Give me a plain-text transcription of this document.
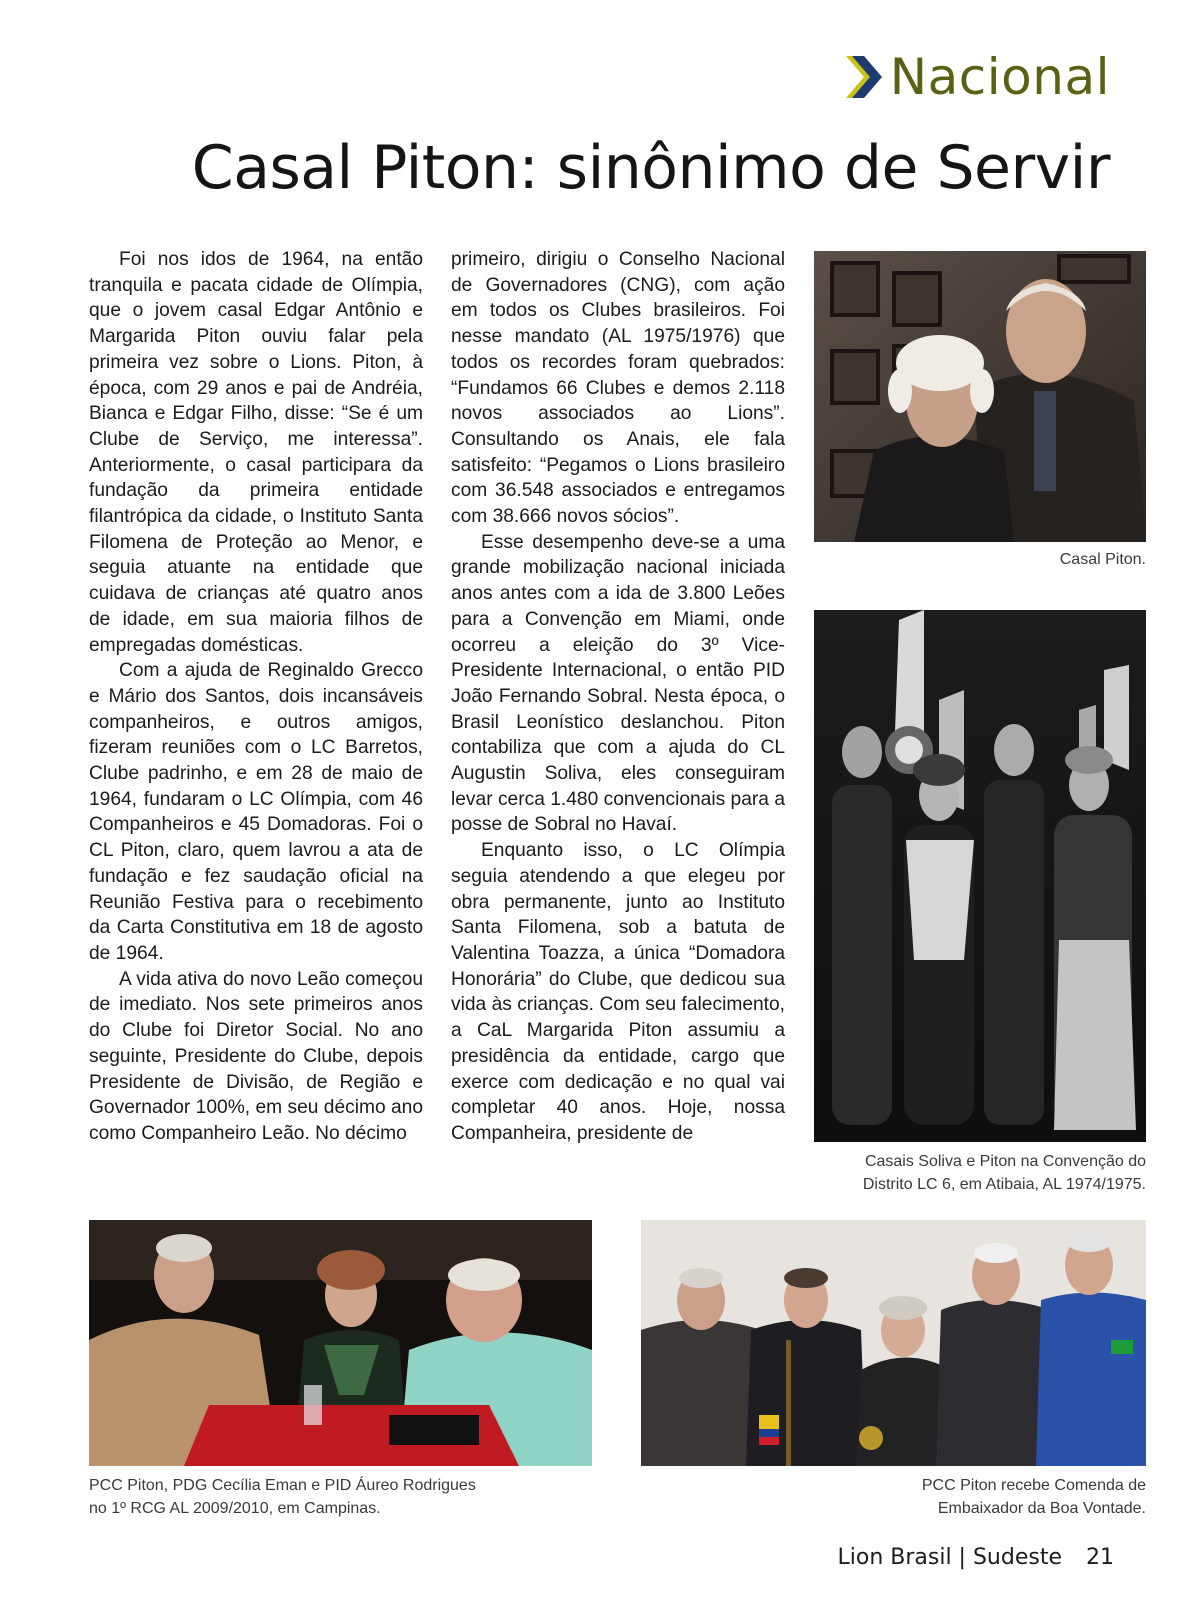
Nacional
Casal Piton: sinônimo de Servir

Foi nos idos de 1964, na então tranquila e pacata cidade de Olímpia, que o jovem casal Edgar Antônio e Margarida Piton ouviu falar pela primeira vez sobre o Lions. Piton, à época, com 29 anos e pai de Andréia, Bianca e Edgar Filho, disse: “Se é um Clube de Serviço, me interessa”. Anteriormente, o casal participara da fundação da primeira entidade filantrópica da cidade, o Instituto Santa Filomena de Proteção ao Menor, e seguia atuante na entidade que cuidava de crianças até quatro anos de idade, em sua maioria filhos de empregadas domésticas.

Com a ajuda de Reginaldo Grecco e Mário dos Santos, dois incansáveis companheiros, e outros amigos, fizeram reuniões com o LC Barretos, Clube padrinho, e em 28 de maio de 1964, fundaram o LC Olímpia, com 46 Companheiros e 45 Domadoras. Foi o CL Piton, claro, quem lavrou a ata de fundação e fez saudação oficial na Reunião Festiva para o recebimento da Carta Constitutiva em 18 de agosto de 1964.

A vida ativa do novo Leão começou de imediato. Nos sete primeiros anos do Clube foi Diretor Social. No ano seguinte, Presidente do Clube, depois Presidente de Divisão, de Região e Governador 100%, em seu décimo ano como Companheiro Leão. No décimo

primeiro, dirigiu o Conselho Nacional de Governadores (CNG), com ação em todos os Clubes brasileiros. Foi nesse mandato (AL 1975/1976) que todos os recordes foram quebrados: “Fundamos 66 Clubes e demos 2.118 novos associados ao Lions”. Consultando os Anais, ele fala satisfeito: “Pegamos o Lions brasileiro com 36.548 associados e entregamos com 38.666 novos sócios”.

Esse desempenho deve-se a uma grande mobilização nacional iniciada anos antes com a ida de 3.800 Leões para a Convenção em Miami, onde ocorreu a eleição do 3º Vice-Presidente Internacional, o então PID João Fernando Sobral. Nesta época, o Brasil Leonístico deslanchou. Piton contabiliza que com a ajuda do CL Augustin Soliva, eles conseguiram levar cerca 1.480 convencionais para a posse de Sobral no Havaí.

Enquanto isso, o LC Olímpia seguia atendendo a que elegeu por obra permanente, junto ao Instituto Santa Filomena, sob a batuta de Valentina Toazza, a única “Domadora Honorária” do Clube, que dedicou sua vida às crianças. Com seu falecimento, a CaL Margarida Piton assumiu a presidência da entidade, cargo que exerce com dedicação e no qual vai completar 40 anos. Hoje, nossa Companheira, presidente de

Casal Piton.
Casais Soliva e Piton na Convenção do
Distrito LC 6, em Atibaia, AL 1974/1975.
PCC Piton, PDG Cecília Eman e PID Áureo Rodrigues
no 1º RCG AL 2009/2010, em Campinas.
PCC Piton recebe Comenda de
Embaixador da Boa Vontade.
Lion Brasil | Sudeste 21
